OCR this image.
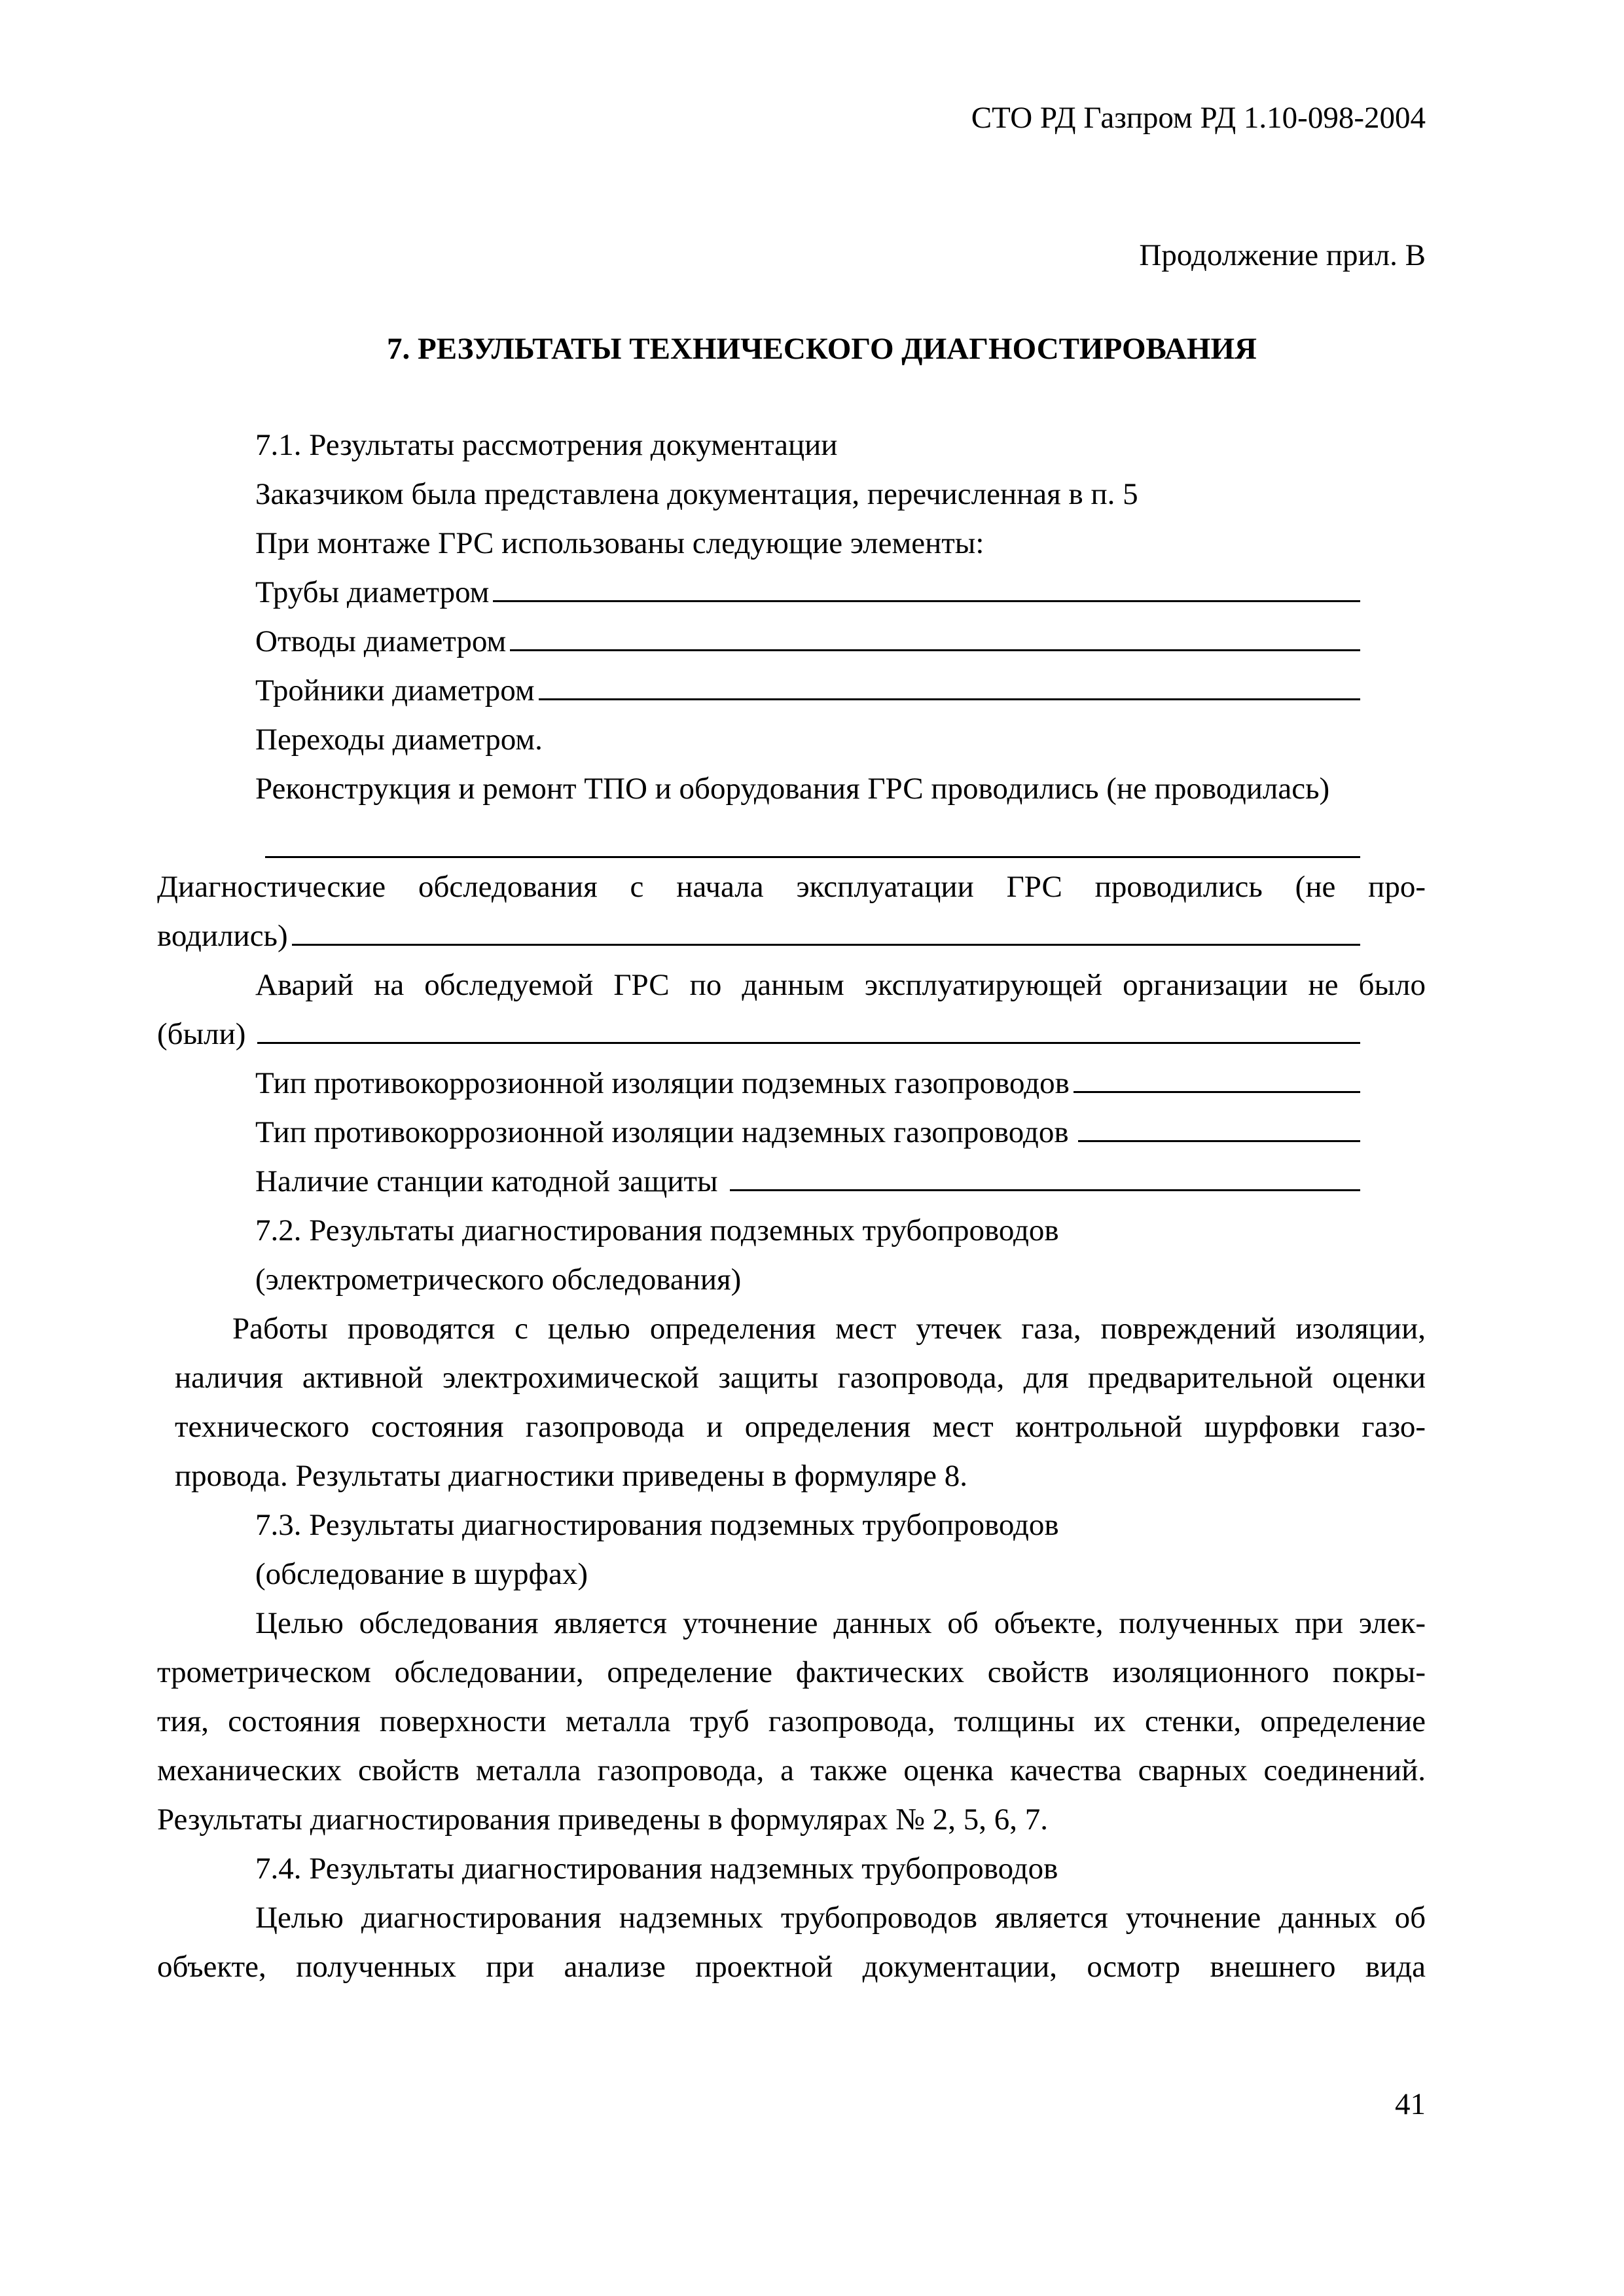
СТО РД Газпром РД 1.10-098-2004
Продолжение прил. В
7. РЕЗУЛЬТАТЫ ТЕХНИЧЕСКОГО ДИАГНОСТИРОВАНИЯ
7.1. Результаты рассмотрения документации
Заказчиком была представлена документация, перечисленная в п. 5
При монтаже ГРС использованы следующие элементы:
Трубы диаметром
Отводы диаметром
Тройники диаметром
Переходы диаметром.
Реконструкция и ремонт ТПО и оборудования ГРС проводились (не проводилась)
Диагностические обследования с начала эксплуатации ГРС проводились (не про-
водились)
Аварий на обследуемой ГРС по данным эксплуатирующей организации не было
(были)
Тип противокоррозионной изоляции подземных газопроводов
Тип противокоррозионной изоляции надземных газопроводов
Наличие станции катодной защиты
7.2. Результаты диагностирования подземных трубопроводов
(электрометрического обследования)
Работы проводятся с целью определения мест утечек газа, повреждений изоляции,
наличия активной электрохимической защиты газопровода, для предварительной оценки
технического состояния газопровода и определения мест контрольной шурфовки газо-
провода. Результаты диагностики приведены в формуляре 8.
7.3. Результаты диагностирования подземных трубопроводов
(обследование в шурфах)
Целью обследования является уточнение данных об объекте, полученных при элек-
трометрическом обследовании, определение фактических свойств изоляционного покры-
тия, состояния поверхности металла труб газопровода, толщины их стенки, определение
механических свойств металла газопровода, а также оценка качества сварных соединений.
Результаты диагностирования приведены в формулярах № 2, 5, 6, 7.
7.4. Результаты диагностирования надземных трубопроводов
Целью диагностирования надземных трубопроводов является уточнение данных об
объекте, полученных при анализе проектной документации, осмотр внешнего вида
41
